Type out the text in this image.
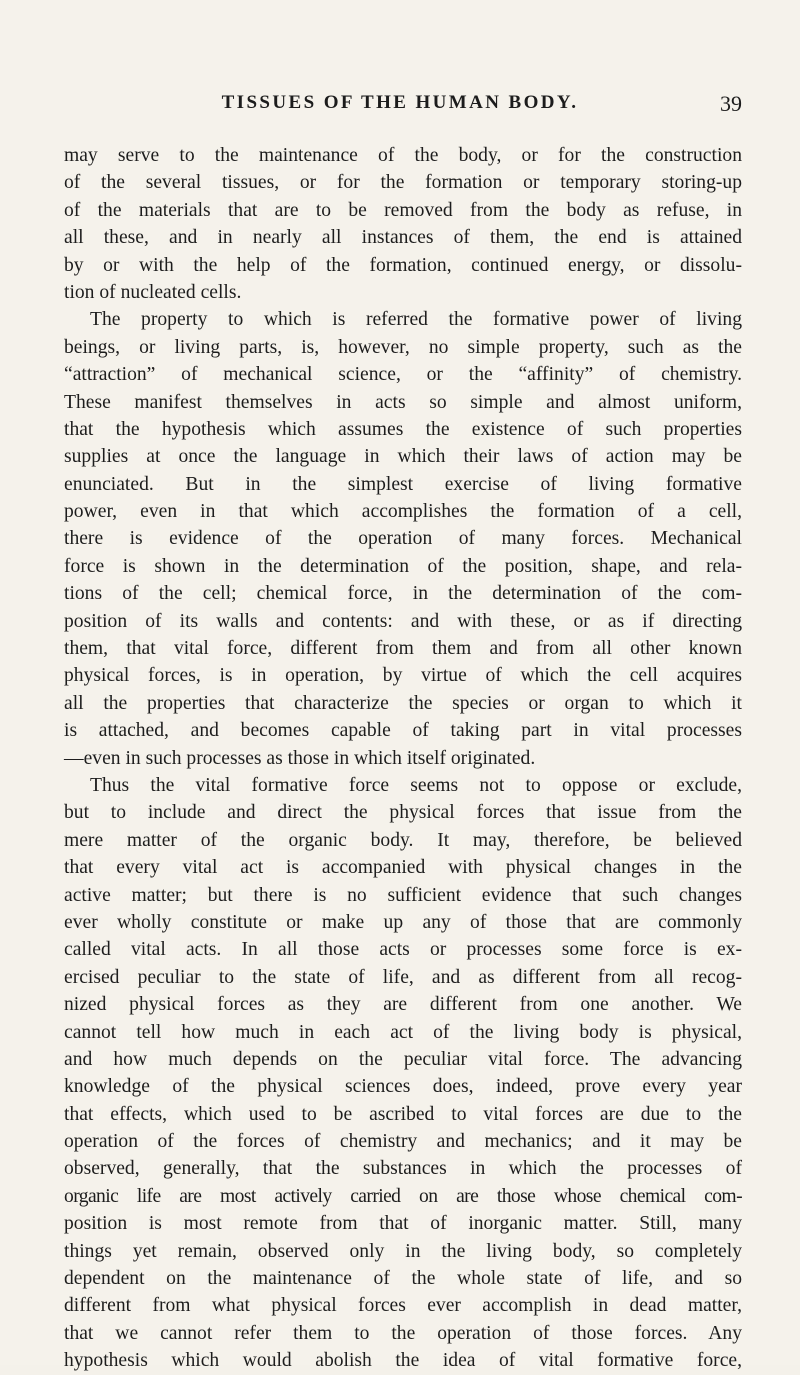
TISSUES OF THE HUMAN BODY.	39
may serve to the maintenance of the body, or for the construction
of the several tissues, or for the formation or temporary storing-up
of the materials that are to be removed from the body as refuse, in
all these, and in nearly all instances of them, the end is attained
by or with the help of the formation, continued energy, or dissolu-
tion of nucleated cells.
The property to which is referred the formative power of living
beings, or living parts, is, however, no simple property, such as the
“attraction” of mechanical science, or the “affinity” of chemistry.
These manifest themselves in acts so simple and almost uniform,
that the hypothesis which assumes the existence of such properties
supplies at once the language in which their laws of action may be
enunciated. But in the simplest exercise of living formative
power, even in that which accomplishes the formation of a cell,
there is evidence of the operation of many forces. Mechanical
force is shown in the determination of the position, shape, and rela-
tions of the cell; chemical force, in the determination of the com-
position of its walls and contents: and with these, or as if directing
them, that vital force, different from them and from all other known
physical forces, is in operation, by virtue of which the cell acquires
all the properties that characterize the species or organ to which it
is attached, and becomes capable of taking part in vital processes
—even in such processes as those in which itself originated.
Thus the vital formative force seems not to oppose or exclude,
but to include and direct the physical forces that issue from the
mere matter of the organic body. It may, therefore, be believed
that every vital act is accompanied with physical changes in the
active matter; but there is no sufficient evidence that such changes
ever wholly constitute or make up any of those that are commonly
called vital acts. In all those acts or processes some force is ex-
ercised peculiar to the state of life, and as different from all recog-
nized physical forces as they are different from one another. We
cannot tell how much in each act of the living body is physical,
and how much depends on the peculiar vital force. The advancing
knowledge of the physical sciences does, indeed, prove every year
that effects, which used to be ascribed to vital forces are due to the
operation of the forces of chemistry and mechanics; and it may be
observed, generally, that the substances in which the processes of
organic life are most actively carried on are those whose chemical com-
position is most remote from that of inorganic matter. Still, many
things yet remain, observed only in the living body, so completely
dependent on the maintenance of the whole state of life, and so
different from what physical forces ever accomplish in dead matter,
that we cannot refer them to the operation of those forces. Any
hypothesis which would abolish the idea of vital formative force,
